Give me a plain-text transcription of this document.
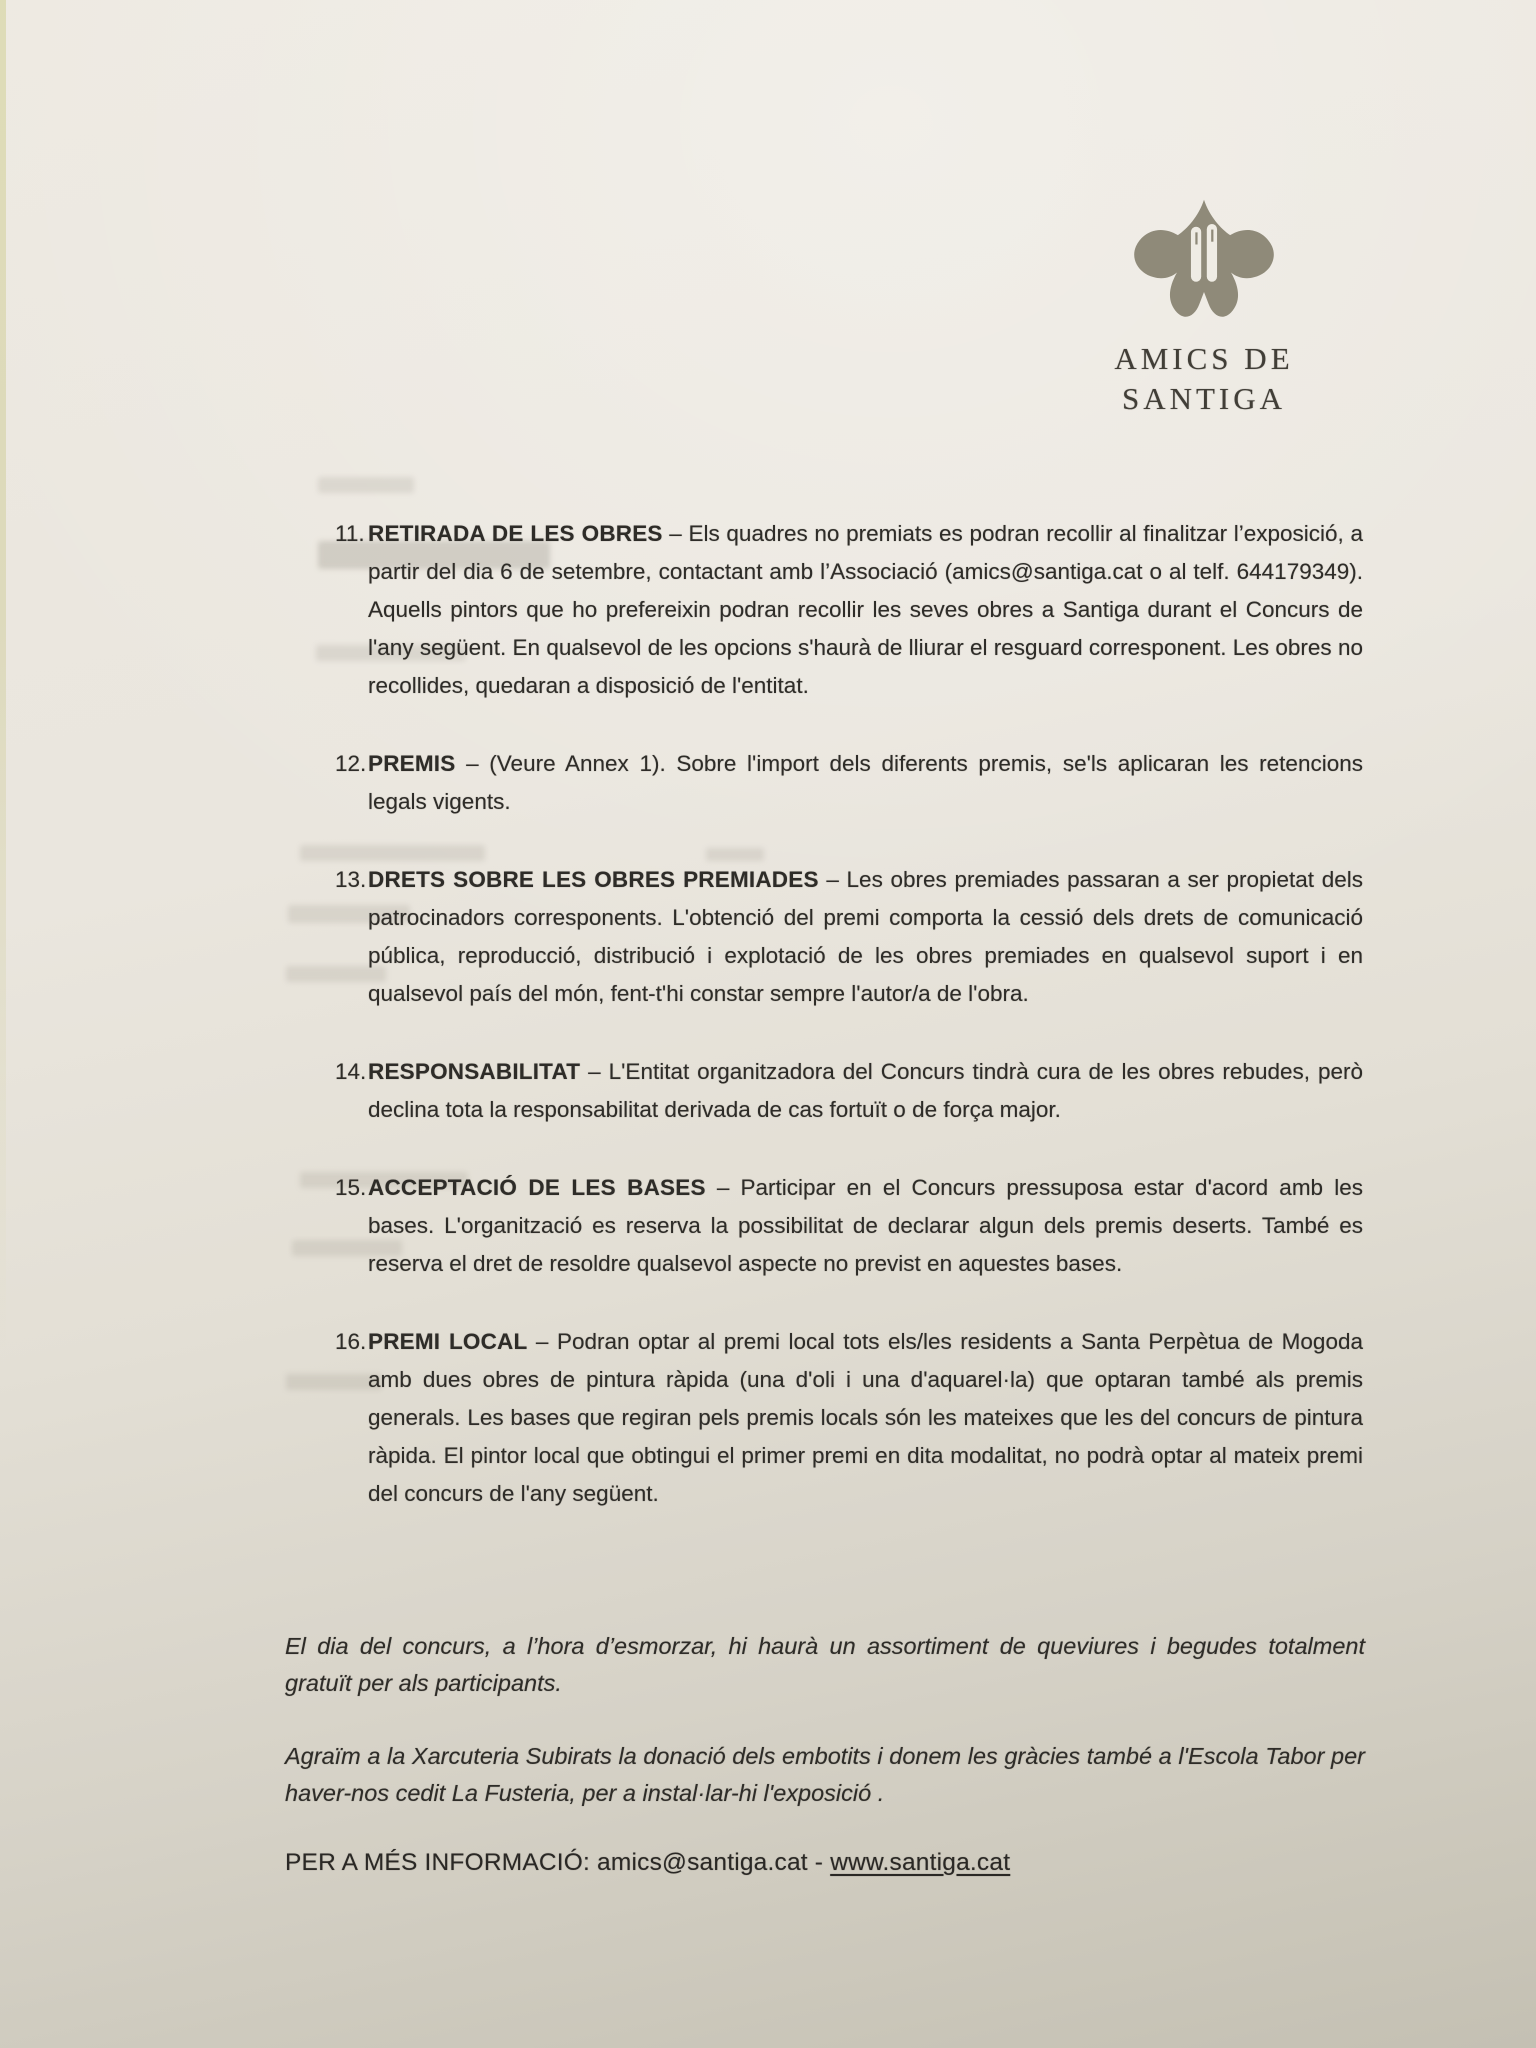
AMICS DE
SANTIGA
11. RETIRADA DE LES OBRES – Els quadres no premiats es podran recollir al finalitzar l’exposició, a partir del dia 6 de setembre, contactant amb l’Associació (amics@santiga.cat o al telf. 644179349). Aquells pintors que ho prefereixin podran recollir les seves obres a Santiga durant el Concurs de l'any següent. En qualsevol de les opcions s'haurà de lliurar el resguard corresponent. Les obres no recollides, quedaran a disposició de l'entitat.
12. PREMIS – (Veure Annex 1). Sobre l'import dels diferents premis, se'ls aplicaran les retencions legals vigents.
13. DRETS SOBRE LES OBRES PREMIADES – Les obres premiades passaran a ser propietat dels patrocinadors corresponents. L'obtenció del premi comporta la cessió dels drets de comunicació pública, reproducció, distribució i explotació de les obres premiades en qualsevol suport i en qualsevol país del món, fent-t'hi constar sempre l'autor/a de l'obra.
14. RESPONSABILITAT – L'Entitat organitzadora del Concurs tindrà cura de les obres rebudes, però declina tota la responsabilitat derivada de cas fortuït o de força major.
15. ACCEPTACIÓ DE LES BASES – Participar en el Concurs pressuposa estar d'acord amb les bases. L'organització es reserva la possibilitat de declarar algun dels premis deserts. També es reserva el dret de resoldre qualsevol aspecte no previst en aquestes bases.
16. PREMI LOCAL – Podran optar al premi local tots els/les residents a Santa Perpètua de Mogoda amb dues obres de pintura ràpida (una d'oli i una d'aquarel·la) que optaran també als premis generals. Les bases que regiran pels premis locals són les mateixes que les del concurs de pintura ràpida. El pintor local que obtingui el primer premi en dita modalitat, no podrà optar al mateix premi del concurs de l'any següent.
El dia del concurs, a l’hora d’esmorzar, hi haurà un assortiment de queviures i begudes totalment gratuït per als participants.
Agraïm a la Xarcuteria Subirats la donació dels embotits i donem les gràcies també a l'Escola Tabor per haver-nos cedit La Fusteria, per a instal·lar-hi l'exposició .
PER A MÉS INFORMACIÓ: amics@santiga.cat - www.santiga.cat
